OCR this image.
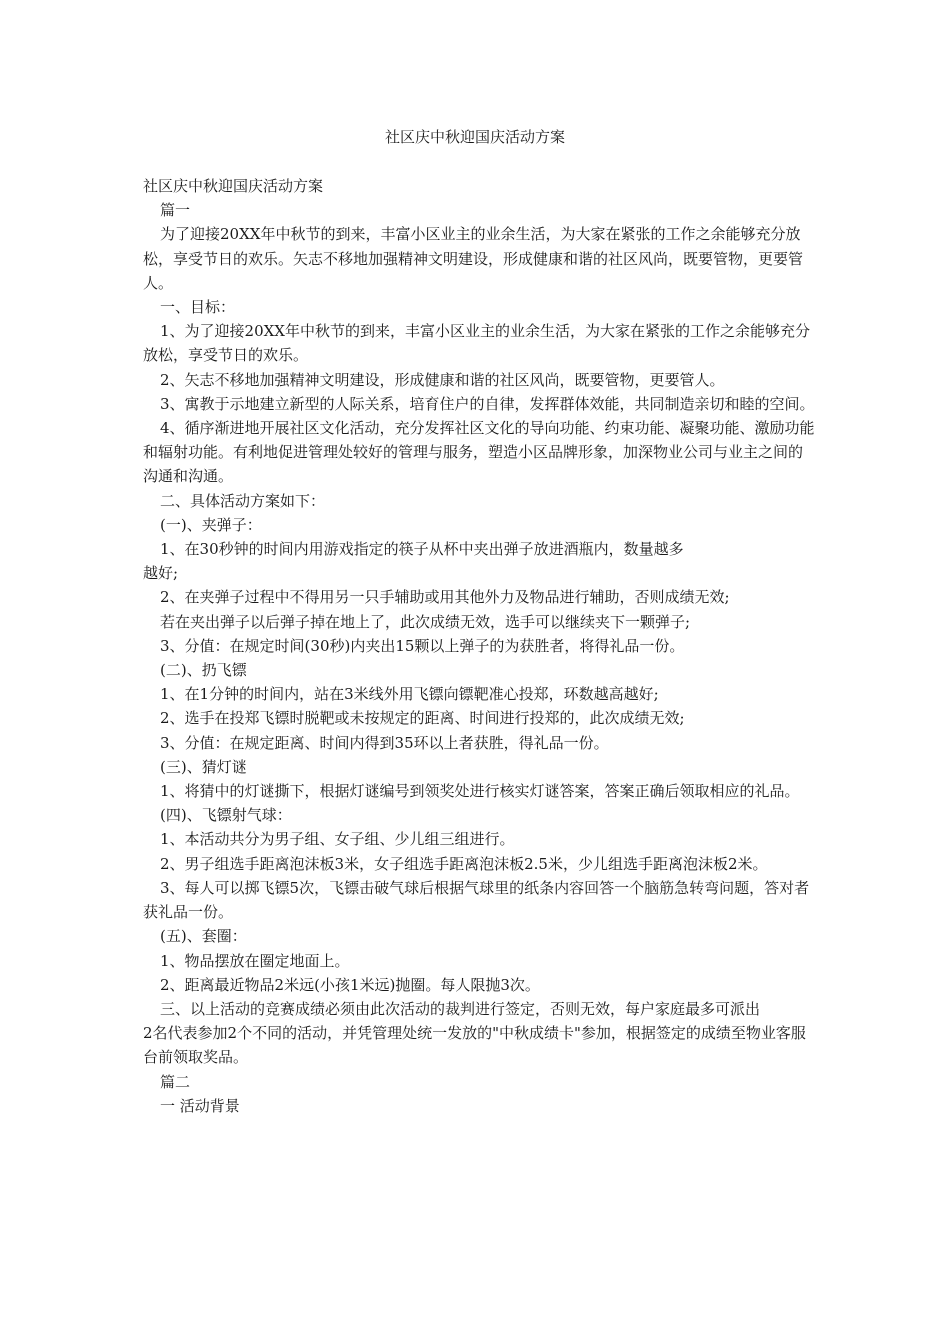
社区庆中秋迎国庆活动方案

社区庆中秋迎国庆活动方案

篇一

为了迎接20XX年中秋节的到来，丰富小区业主的业余生活，为大家在紧张的工作之余能够充分放松，享受节日的欢乐。矢志不移地加强精神文明建设，形成健康和谐的社区风尚，既要管物，更要管人。

一、目标：

1、为了迎接20XX年中秋节的到来，丰富小区业主的业余生活，为大家在紧张的工作之余能够充分放松，享受节日的欢乐。

2、矢志不移地加强精神文明建设，形成健康和谐的社区风尚，既要管物，更要管人。

3、寓教于示地建立新型的人际关系，培育住户的自律，发挥群体效能，共同制造亲切和睦的空间。

4、循序渐进地开展社区文化活动，充分发挥社区文化的导向功能、约束功能、凝聚功能、激励功能和辐射功能。有利地促进管理处较好的管理与服务，塑造小区品牌形象，加深物业公司与业主之间的沟通和沟通。

二、具体活动方案如下：

(一)、夹弹子：

1、在30秒钟的时间内用游戏指定的筷子从杯中夹出弹子放进酒瓶内，数量越多

越好;

2、在夹弹子过程中不得用另一只手辅助或用其他外力及物品进行辅助，否则成绩无效;

若在夹出弹子以后弹子掉在地上了，此次成绩无效，选手可以继续夹下一颗弹子;

3、分值：在规定时间(30秒)内夹出15颗以上弹子的为获胜者，将得礼品一份。

(二)、扔飞镖

1、在1分钟的时间内，站在3米线外用飞镖向镖靶准心投郑，环数越高越好;

2、选手在投郑飞镖时脱靶或未按规定的距离、时间进行投郑的，此次成绩无效;

3、分值：在规定距离、时间内得到35环以上者获胜，得礼品一份。

(三)、猜灯谜

1、将猜中的灯谜撕下，根据灯谜编号到领奖处进行核实灯谜答案，答案正确后领取相应的礼品。

(四)、飞镖射气球：

1、本活动共分为男子组、女子组、少儿组三组进行。

2、男子组选手距离泡沫板3米，女子组选手距离泡沫板2.5米，少儿组选手距离泡沫板2米。

3、每人可以掷飞镖5次，飞镖击破气球后根据气球里的纸条内容回答一个脑筋急转弯问题，答对者获礼品一份。

(五)、套圈：

1、物品摆放在圈定地面上。

2、距离最近物品2米远(小孩1米远)抛圈。每人限抛3次。

三、以上活动的竞赛成绩必须由此次活动的裁判进行签定，否则无效，每户家庭最多可派出

2名代表参加2个不同的活动，并凭管理处统一发放的"中秋成绩卡"参加，根据签定的成绩至物业客服台前领取奖品。

篇二

一 活动背景
